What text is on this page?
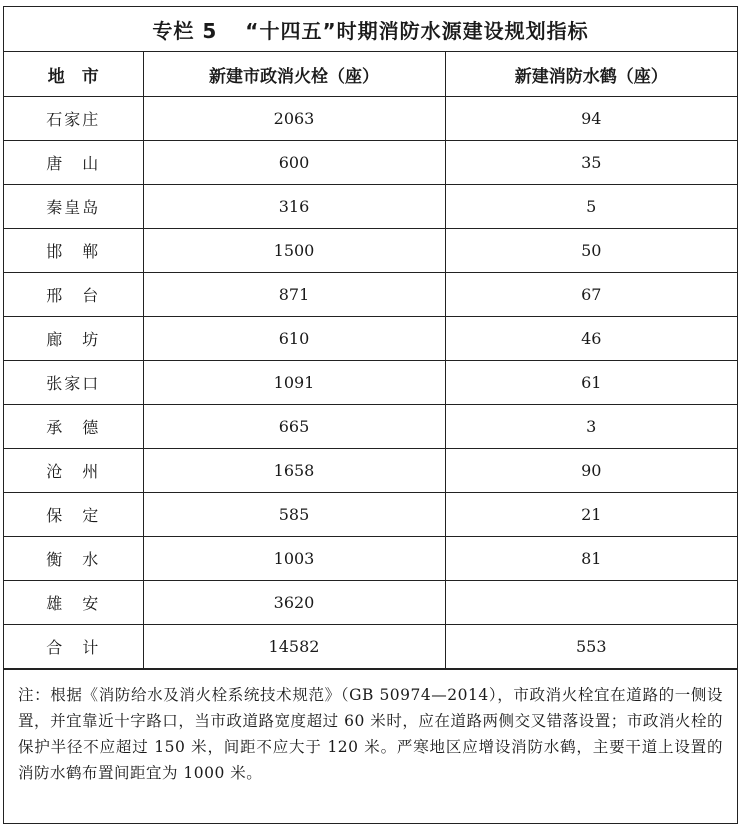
专栏 5 “十四五”时期消防水源建设规划指标
地　市	新建市政消火栓（座）	新建消防水鹤（座）
石家庄	2063	94
唐　山	600	35
秦皇岛	316	5
邯　郸	1500	50
邢　台	871	67
廊　坊	610	46
张家口	1091	61
承　德	665	3
沧　州	1658	90
保　定	585	21
衡　水	1003	81
雄　安	3620	
合　计	14582	553
注：根据《消防给水及消火栓系统技术规范》（GB 50974—2014），市政消火栓宜在道路的一侧设置，并宜靠近十字路口，当市政道路宽度超过 60 米时，应在道路两侧交叉错落设置；市政消火栓的保护半径不应超过 150 米，间距不应大于 120 米。严寒地区应增设消防水鹤，主要干道上设置的消防水鹤布置间距宜为 1000 米。
